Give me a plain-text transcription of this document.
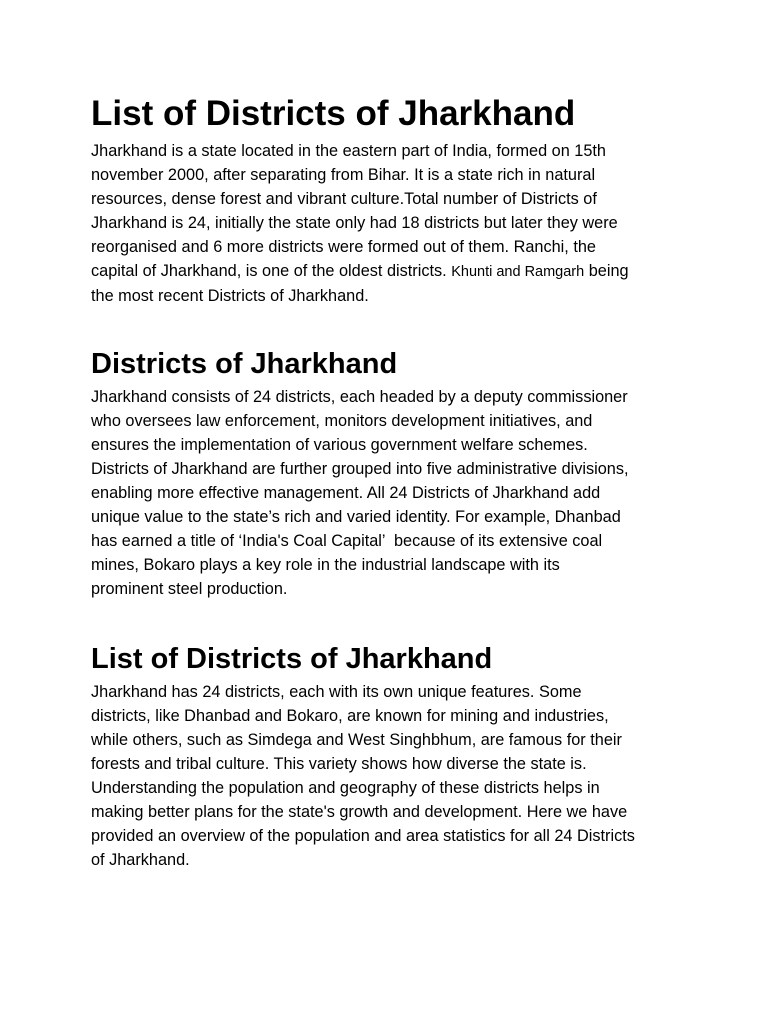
List of Districts of Jharkhand
Jharkhand is a state located in the eastern part of India, formed on 15th
november 2000, after separating from Bihar. It is a state rich in natural
resources, dense forest and vibrant culture.Total number of Districts of
Jharkhand is 24, initially the state only had 18 districts but later they were
reorganised and 6 more districts were formed out of them. Ranchi, the
capital of Jharkhand, is one of the oldest districts. Khunti and Ramgarh being
the most recent Districts of Jharkhand.
Districts of Jharkhand
Jharkhand consists of 24 districts, each headed by a deputy commissioner
who oversees law enforcement, monitors development initiatives, and
ensures the implementation of various government welfare schemes.
Districts of Jharkhand are further grouped into five administrative divisions,
enabling more effective management. All 24 Districts of Jharkhand add
unique value to the state’s rich and varied identity. For example, Dhanbad
has earned a title of ‘India's Coal Capital’  because of its extensive coal
mines, Bokaro plays a key role in the industrial landscape with its
prominent steel production.
List of Districts of Jharkhand
Jharkhand has 24 districts, each with its own unique features. Some
districts, like Dhanbad and Bokaro, are known for mining and industries,
while others, such as Simdega and West Singhbhum, are famous for their
forests and tribal culture. This variety shows how diverse the state is.
Understanding the population and geography of these districts helps in
making better plans for the state's growth and development. Here we have
provided an overview of the population and area statistics for all 24 Districts
of Jharkhand.
